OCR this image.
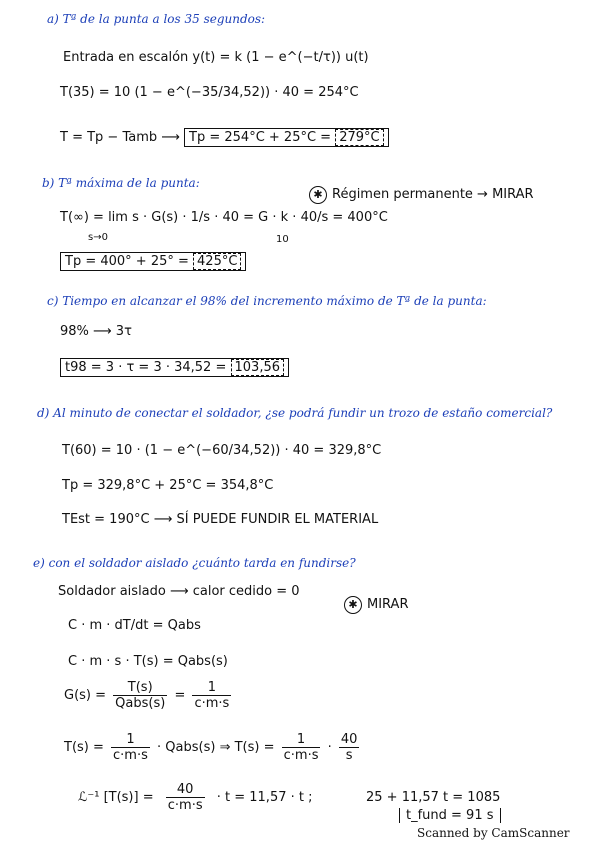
a) Tª de la punta a los 35 segundos:
Entrada en escalón y(t) = k (1 − e^(−t/τ)) u(t)
T(35) = 10 (1 − e^(−35/34,52)) · 40 = 254°C
T = Tp − Tamb ⟶ Tp = 254°C + 25°C = 279°C
b) Tª máxima de la punta:
✱ Régimen permanente → MIRAR
T(∞) = lim s · G(s) · 1/s · 40 = G · k · 40/s = 400°C
s→0	10
Tp = 400° + 25° = 425°C
c) Tiempo en alcanzar el 98% del incremento máximo de Tª de la punta:
98% ⟶ 3τ
t98 = 3 · τ = 3 · 34,52 = 103,56
d) Al minuto de conectar el soldador, ¿se podrá fundir un trozo de estaño comercial?
T(60) = 10 · (1 − e^(−60/34,52)) · 40 = 329,8°C
Tp = 329,8°C + 25°C = 354,8°C
TEst = 190°C ⟶ SÍ PUEDE FUNDIR EL MATERIAL
e) con el soldador aislado ¿cuánto tarda en fundirse?
Soldador aislado ⟶ calor cedido = 0
✱ MIRAR
C · m · dT/dt = Qabs
C · m · s · T(s) = Qabs(s)
$G(s) = \frac{T(s)}{\text{Qabs(s)}} = \frac{1}{c\cdot m\cdot s}$
$T(s) = \frac{1}{c\cdot m\cdot s}$ · Qabs(s) ⇒ $T(s) = \frac{1}{c\cdot m\cdot s} \cdot \frac{40}{s}$
ℒ⁻¹ $[T(s)] = \frac{40}{c\cdot m\cdot s} \cdot t = 11,57 \cdot t$ ;	25 + 11,57 t = 1085
t_fund = 91 s
Scanned by CamScanner
